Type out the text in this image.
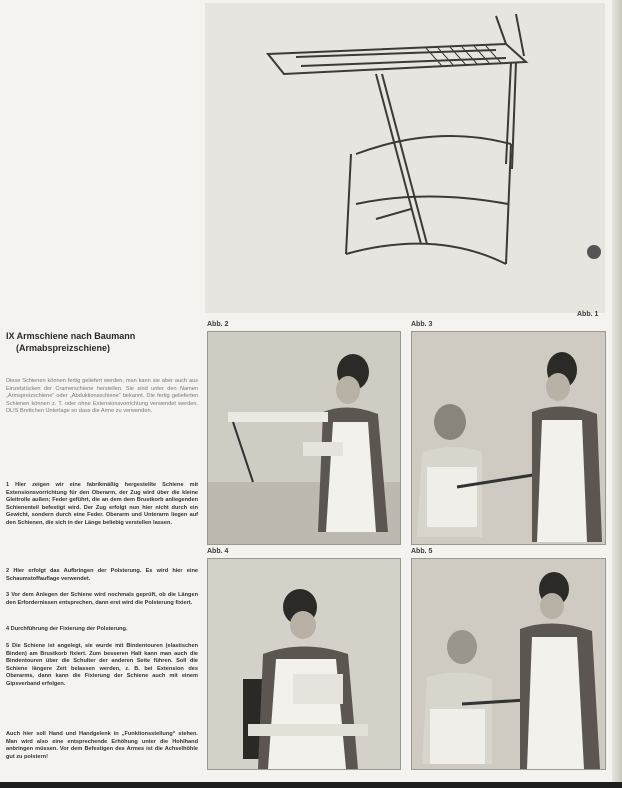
Abb. 1
IX Armschiene nach Baumann
(Armabspreizschiene)
Diese Schienen können fertig geliefert werden, man kann sie aber auch aus Einzelstücken der Cramerschiene herstellen. Sie sind unter den Namen „Armspreizschiene“ oder „Abduktionsschiene“ bekannt. Die fertig gelieferten Schienen können z. T. oder ohne Extensionsvorrichtung verwendet werden. DLIS Brettchen Unterlage so dass die Arme zu verwenden.
1 Hier zeigen wir eine fabrikmäßig hergestellte Schiene mit Extensionsvorrichtung für den Oberarm, der Zug wird über die kleine Gleitrolle außen; Feder geführt, die an dem dem Brustkorb anliegenden Schienenteil befestigt wird. Der Zug erfolgt nun hier nicht durch ein Gewicht, sondern durch eine Feder. Oberarm und Unterarm liegen auf den Schienen, die sich in der Länge beliebig verstellen lassen.
2 Hier erfolgt das Aufbringen der Polsterung. Es wird hier eine Schaumstoffauflage verwendet.
3 Vor dem Anlegen der Schiene wird nochmals geprüft, ob die Längen den Erfordernissen entsprechen, dann erst wird die Polsterung fixiert.
4 Durchführung der Fixierung der Polsterung.
5 Die Schiene ist angelegt, sie wurde mit Bindentouren (elastischen Binden) am Brustkorb fixiert. Zum besseren Halt kann man auch die Bindentouren über die Schulter der anderen Seite führen. Soll die Schiene längere Zeit belassen werden, z. B. bei Extension des Oberarms, dann kann die Fixierung der Schiene auch mit einem Gipsverband erfolgen.
Auch hier soll Hand und Handgelenk in „Funktionsstellung“ stehen. Man wird also eine entsprechende Erhöhung unter die Hohlhand anbringen müssen. Vor dem Befestigen des Armes ist die Achselhöhle gut zu polstern!
Abb. 2	Abb. 3
Abb. 4	Abb. 5
